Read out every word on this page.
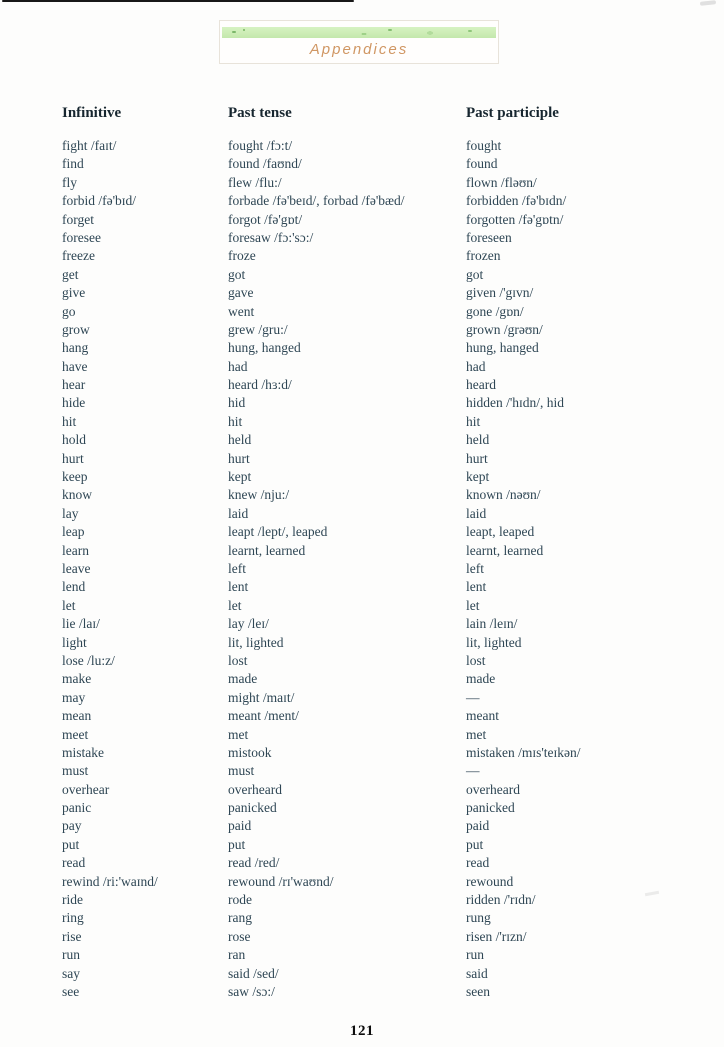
Appendices
Infinitive	Past tense	Past participle
fight /faɪt/	fought /fɔ:t/	fought
find	found /faʊnd/	found
fly	flew /flu:/	flown /fləʊn/
forbid /fə'bɪd/	forbade /fə'beɪd/, forbad /fə'bæd/	forbidden /fə'bɪdn/
forget	forgot /fə'gɒt/	forgotten /fə'gɒtn/
foresee	foresaw /fɔ:'sɔ:/	foreseen
freeze	froze	frozen
get	got	got
give	gave	given /'gɪvn/
go	went	gone /gɒn/
grow	grew /gru:/	grown /grəʊn/
hang	hung, hanged	hung, hanged
have	had	had
hear	heard /hɜ:d/	heard
hide	hid	hidden /'hɪdn/, hid
hit	hit	hit
hold	held	held
hurt	hurt	hurt
keep	kept	kept
know	knew /nju:/	known /nəʊn/
lay	laid	laid
leap	leapt /lept/, leaped	leapt, leaped
learn	learnt, learned	learnt, learned
leave	left	left
lend	lent	lent
let	let	let
lie /laɪ/	lay /leɪ/	lain /leɪn/
light	lit, lighted	lit, lighted
lose /lu:z/	lost	lost
make	made	made
may	might /maɪt/	—
mean	meant /ment/	meant
meet	met	met
mistake	mistook	mistaken /mɪs'teɪkən/
must	must	—
overhear	overheard	overheard
panic	panicked	panicked
pay	paid	paid
put	put	put
read	read /red/	read
rewind /ri:'waɪnd/	rewound /rɪ'waʊnd/	rewound
ride	rode	ridden /'rɪdn/
ring	rang	rung
rise	rose	risen /'rɪzn/
run	ran	run
say	said /sed/	said
see	saw /sɔ:/	seen
121
